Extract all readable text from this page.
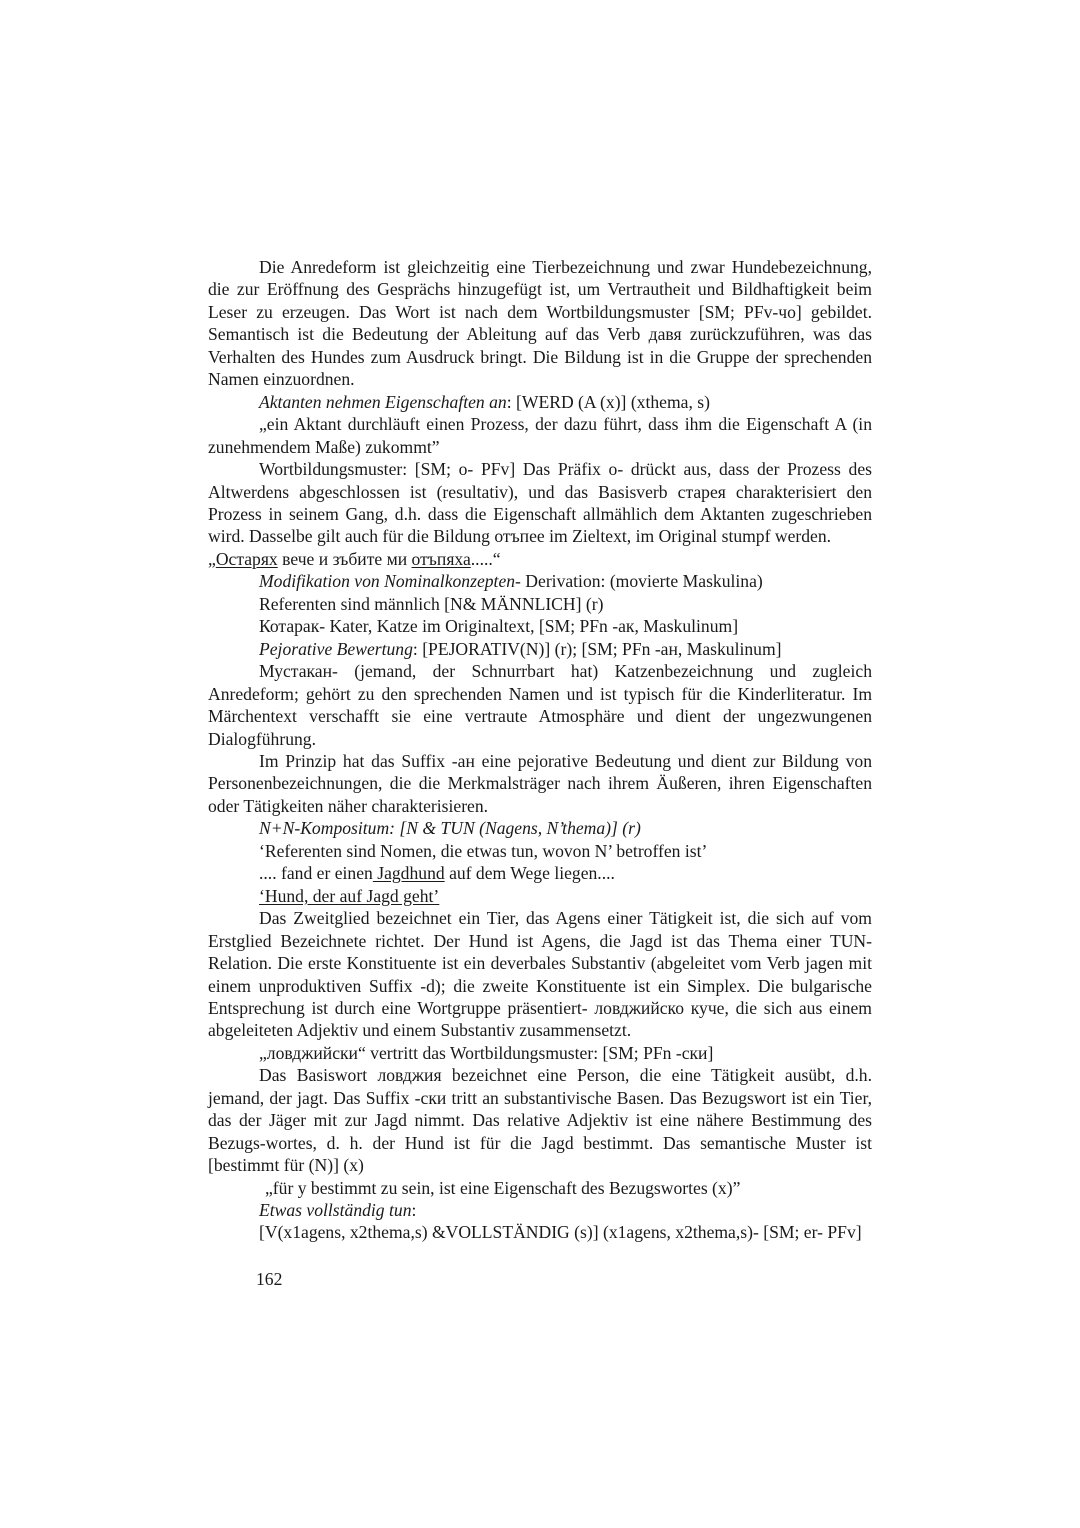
Die Anredeform ist gleichzeitig eine Tierbezeichnung und zwar Hundebezeichnung, die zur Eröffnung des Gesprächs hinzugefügt ist, um Vertrautheit und Bildhaftigkeit beim Leser zu erzeugen. Das Wort ist nach dem Wortbildungsmuster [SM; PFv-чо] gebildet. Semantisch ist die Bedeutung der Ableitung auf das Verb давя zurückzuführen, was das Verhalten des Hundes zum Ausdruck bringt. Die Bildung ist in die Gruppe der sprechenden Namen einzuordnen.

Aktanten nehmen Eigenschaften an: [WERD (A (x)] (xthema, s)

„ein Aktant durchläuft einen Prozess, der dazu führt, dass ihm die Eigenschaft A (in zunehmendem Maße) zukommt”

Wortbildungsmuster: [SM; о- PFv] Das Präfix о- drückt aus, dass der Prozess des Altwerdens abgeschlossen ist (resultativ), und das Basisverb старея charakterisiert den Prozess in seinem Gang, d.h. dass die Eigenschaft allmählich dem Aktanten zugeschrieben wird. Dasselbe gilt auch für die Bildung отъпее im Zieltext, im Original stumpf werden.

„Остарях вече и зъбите ми отъпяха.....“

Modifikation von Nominalkonzepten- Derivation: (movierte Maskulina)

Referenten sind männlich [N& MÄNNLICH] (r)

Котарак- Kater, Katze im Originaltext, [SM; PFn -ак, Maskulinum]

Pejorative Bewertung: [PEJORATIV(N)] (r); [SM; PFn -ан, Maskulinum]

Мустакан- (jemand, der Schnurrbart hat) Katzenbezeichnung und zugleich Anredeform; gehört zu den sprechenden Namen und ist typisch für die Kinderliteratur. Im Märchentext verschafft sie eine vertraute Atmosphäre und dient der ungezwungenen Dialogführung.

Im Prinzip hat das Suffix -ан eine pejorative Bedeutung und dient zur Bildung von Personenbezeichnungen, die die Merkmalsträger nach ihrem Äußeren, ihren Eigenschaften oder Tätigkeiten näher charakterisieren.

N+N-Kompositum: [N & TUN (Nagens, N’thema)] (r)

‘Referenten sind Nomen, die etwas tun, wovon N’ betroffen ist’

.... fand er einen Jagdhund auf dem Wege liegen....

‘Hund, der auf Jagd geht’

Das Zweitglied bezeichnet ein Tier, das Agens einer Tätigkeit ist, die sich auf vom Erstglied Bezeichnete richtet. Der Hund ist Agens, die Jagd ist das Thema einer TUN-Relation. Die erste Konstituente ist ein deverbales Substantiv (abgeleitet vom Verb jagen mit einem unproduktiven Suffix -d); die zweite Konstituente ist ein Simplex. Die bulgarische Entsprechung ist durch eine Wortgruppe präsentiert- ловджийско куче, die sich aus einem abgeleiteten Adjektiv und einem Substantiv zusammensetzt.

„ловджийски“ vertritt das Wortbildungsmuster: [SM; PFn -ски]

Das Basiswort ловджия bezeichnet eine Person, die eine Tätigkeit ausübt, d.h. jemand, der jagt. Das Suffix -ски tritt an substantivische Basen. Das Bezugswort ist ein Tier, das der Jäger mit zur Jagd nimmt. Das relative Adjektiv ist eine nähere Bestimmung des Bezugs-wortes, d. h. der Hund ist für die Jagd bestimmt. Das semantische Muster ist [bestimmt für (N)] (x)

„für y bestimmt zu sein, ist eine Eigenschaft des Bezugswortes (x)”

Etwas vollständig tun:

[V(x1agens, x2thema,s) &VOLLSTÄNDIG (s)] (x1agens, x2thema,s)- [SM; er- PFv]

162
